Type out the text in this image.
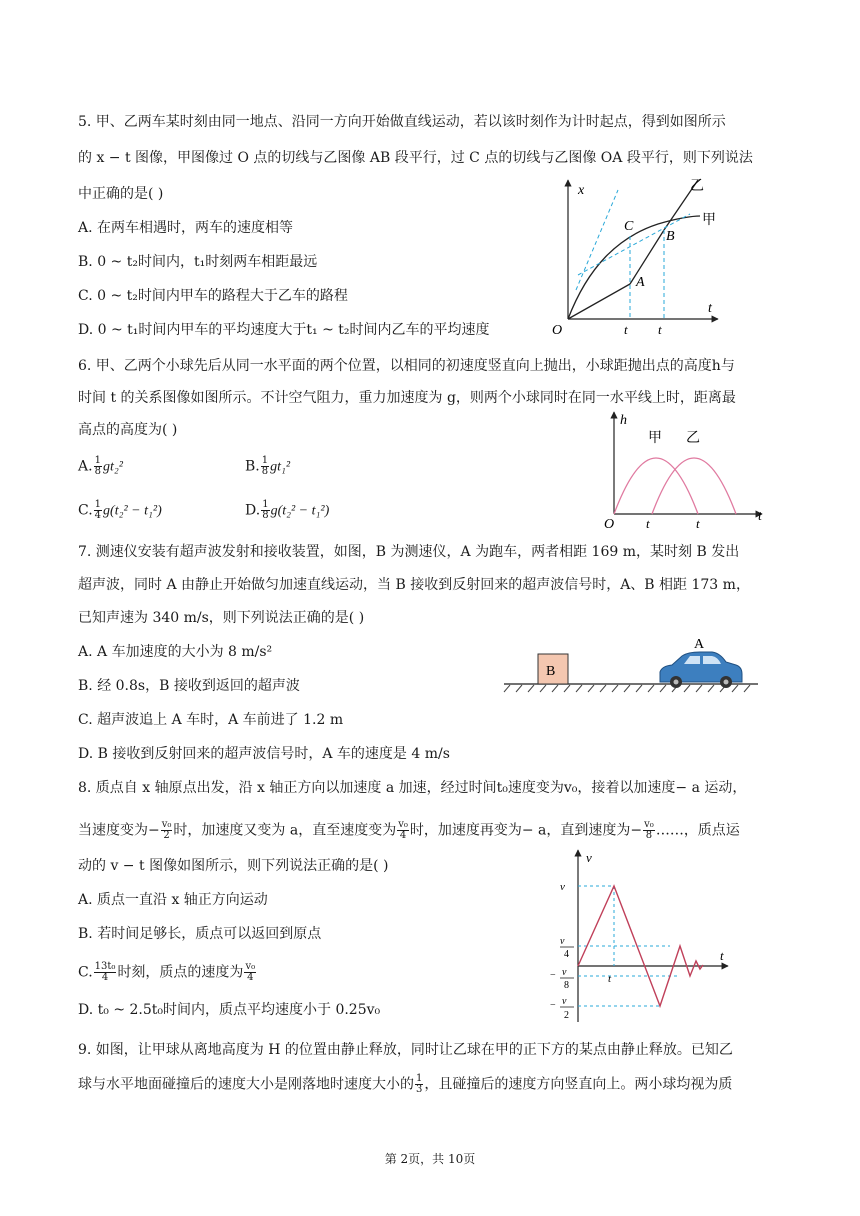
5. 甲、乙两车某时刻由同一地点、沿同一方向开始做直线运动，若以该时刻作为计时起点，得到如图所示
的 x − t 图像，甲图像过 O 点的切线与乙图像 AB 段平行，过 C 点的切线与乙图像 OA 段平行，则下列说法
中正确的是( )
A. 在两车相遇时，两车的速度相等
B. 0 ~ t₂时间内，t₁时刻两车相距最远
C. 0 ~ t₂时间内甲车的路程大于乙车的路程
D. 0 ~ t₁时间内甲车的平均速度大于t₁ ~ t₂时间内乙车的平均速度
x
t
O
乙
甲
C
B
A
t t
6. 甲、乙两个小球先后从同一水平面的两个位置，以相同的初速度竖直向上抛出，小球距抛出点的高度h与
时间 t 的关系图像如图所示。不计空气阻力，重力加速度为 g，则两个小球同时在同一水平线上时，距离最
高点的高度为( )
A. $\frac{1}{8} gt_2^2$	B. $\frac{1}{8} gt_1^2$
C. $\frac{1}{4} g(t_2^2 - t_1^2)$	D. $\frac{1}{8} g(t_2^2 - t_1^2)$
h
t
O
甲 乙
t	t
7. 测速仪安装有超声波发射和接收装置，如图，B 为测速仪，A 为跑车，两者相距 169 m，某时刻 B 发出
超声波，同时 A 由静止开始做匀加速直线运动，当 B 接收到反射回来的超声波信号时，A、B 相距 173 m，
已知声速为 340 m/s，则下列说法正确的是( )
A. A 车加速度的大小为 8 m/s²
B. 经 0.8s，B 接收到返回的超声波
C. 超声波追上 A 车时，A 车前进了 1.2 m
D. B 接收到反射回来的超声波信号时，A 车的速度是 4 m/s
B
A
8. 质点自 x 轴原点出发，沿 x 轴正方向以加速度 a 加速，经过时间t₀速度变为v₀，接着以加速度− a 运动，
当速度变为− $\frac{\text{v₀}}{2}$ 时，加速度又变为 a，直至速度变为 $\frac{\text{v₀}}{4}$ 时，加速度再变为− a，直到速度为− $\frac{\text{v₀}}{8}$ ……，质点运
动的 v − t 图像如图所示，则下列说法正确的是( )
A. 质点一直沿 x 轴正方向运动
B. 若时间足够长，质点可以返回到原点
C. $\frac{\text{13t₀}}{4}$ 时刻，质点的速度为 $\frac{\text{v₀}}{4}$
D. t₀ ~ 2.5t₀时间内，质点平均速度小于 0.25v₀
v
t
v
v
4
− v
8
− v
2
t
9. 如图，让甲球从离地高度为 H 的位置由静止释放，同时让乙球在甲的正下方的某点由静止释放。已知乙
球与水平地面碰撞后的速度大小是刚落地时速度大小的 $\frac{1}{3}$ ，且碰撞后的速度方向竖直向上。两小球均视为质
第 2页，共 10页
